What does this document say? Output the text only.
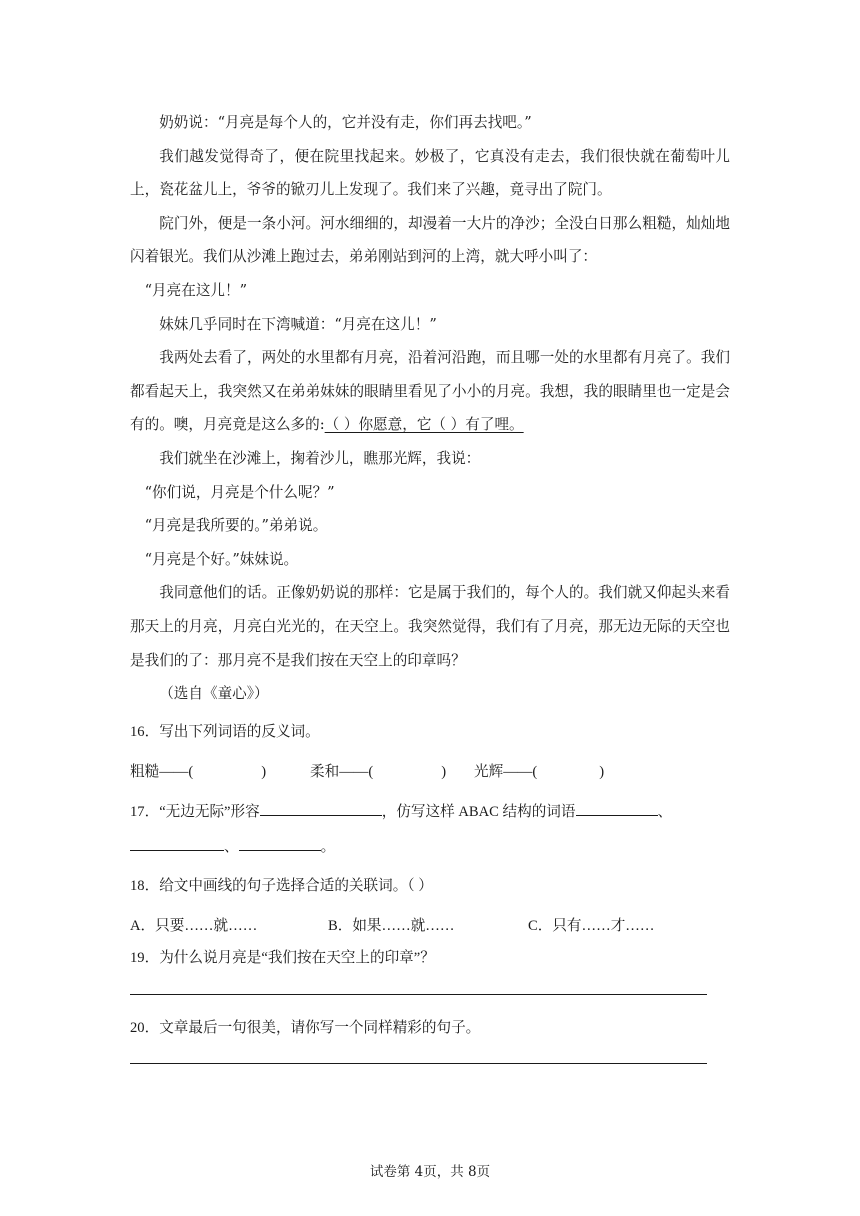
奶奶说：“月亮是每个人的，它并没有走，你们再去找吧。”

我们越发觉得奇了，便在院里找起来。妙极了，它真没有走去，我们很快就在葡萄叶儿上，瓷花盆儿上，爷爷的锨刃儿上发现了。我们来了兴趣，竟寻出了院门。

院门外，便是一条小河。河水细细的，却漫着一大片的净沙；全没白日那么粗糙，灿灿地闪着银光。我们从沙滩上跑过去，弟弟刚站到河的上湾，就大呼小叫了：

“月亮在这儿！”

妹妹几乎同时在下湾喊道：“月亮在这儿！”

我两处去看了，两处的水里都有月亮，沿着河沿跑，而且哪一处的水里都有月亮了。我们都看起天上，我突然又在弟弟妹妹的眼睛里看见了小小的月亮。我想，我的眼睛里也一定是会有的。噢，月亮竟是这么多的:（ ）你愿意，它（ ）有了哩。

我们就坐在沙滩上，掬着沙儿，瞧那光辉，我说：

“你们说，月亮是个什么呢？”

“月亮是我所要的。”弟弟说。

“月亮是个好。”妹妹说。

我同意他们的话。正像奶奶说的那样：它是属于我们的，每个人的。我们就又仰起头来看那天上的月亮，月亮白光光的，在天空上。我突然觉得，我们有了月亮，那无边无际的天空也是我们的了：那月亮不是我们按在天空上的印章吗？

（选自《童心》）

16．写出下列词语的反义词。
粗糙——(	)	柔和——(	) 光辉——(	)
17．“无边无际”形容	，仿写这样 ABAC 结构的词语	、
、	。
18．给文中画线的句子选择合适的关联词。（ ）
A．只要……就……	B．如果……就……	C．只有……才……
19．为什么说月亮是“我们按在天空上的印章”？
20．文章最后一句很美，请你写一个同样精彩的句子。
试卷第 4页，共 8页
